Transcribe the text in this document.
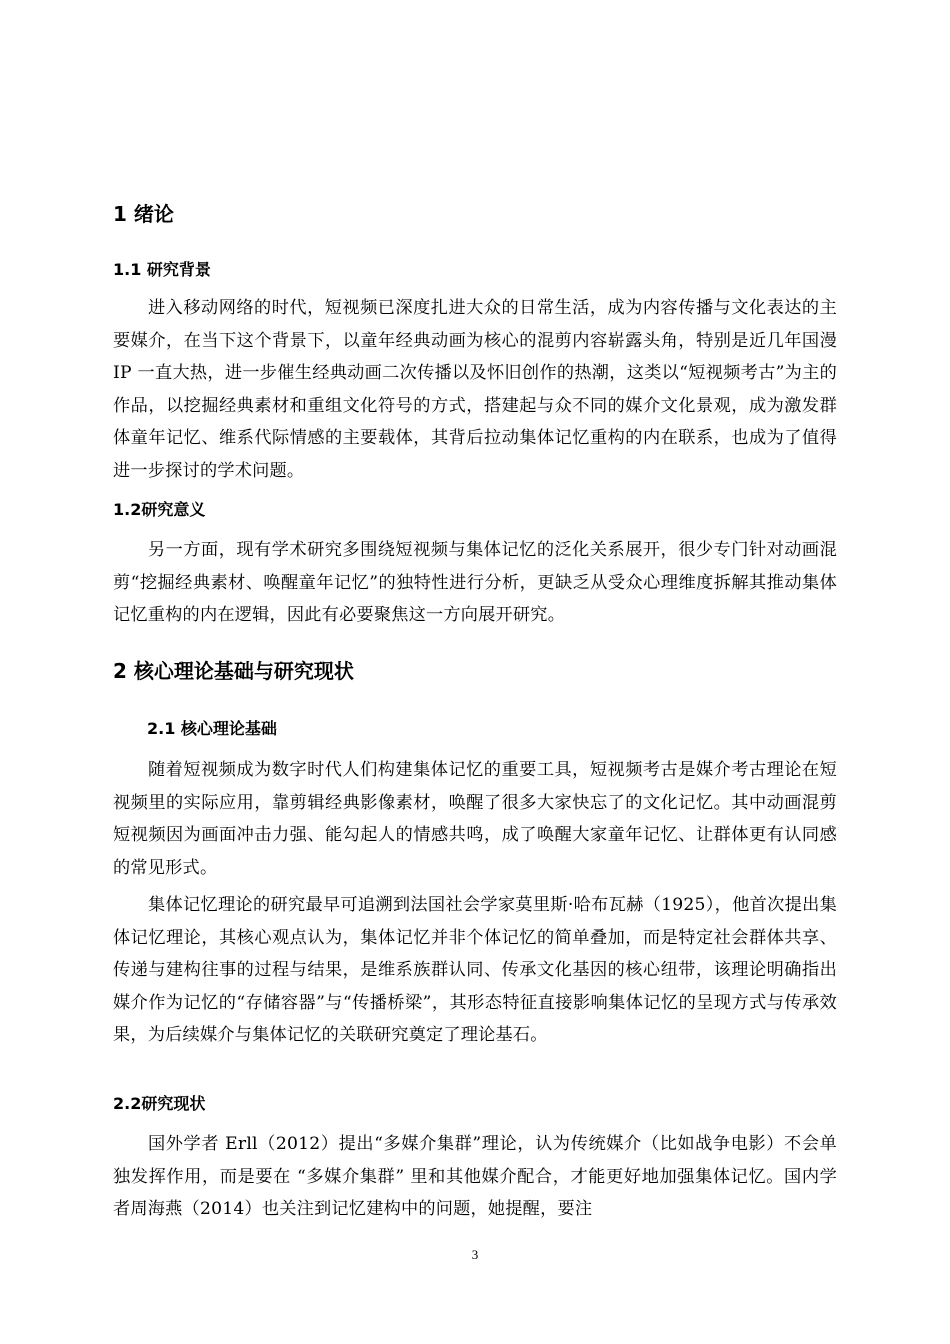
1 绪论
1.1 研究背景

进入移动网络的时代，短视频已深度扎进大众的日常生活，成为内容传播与文化表达的主要媒介，在当下这个背景下，以童年经典动画为核心的混剪内容崭露头角，特别是近几年国漫 IP 一直大热，进一步催生经典动画二次传播以及怀旧创作的热潮，这类以“短视频考古”为主的作品，以挖掘经典素材和重组文化符号的方式，搭建起与众不同的媒介文化景观，成为激发群体童年记忆、维系代际情感的主要载体，其背后拉动集体记忆重构的内在联系，也成为了值得进一步探讨的学术问题。

1.2研究意义

另一方面，现有学术研究多围绕短视频与集体记忆的泛化关系展开，很少专门针对动画混剪“挖掘经典素材、唤醒童年记忆”的独特性进行分析，更缺乏从受众心理维度拆解其推动集体记忆重构的内在逻辑，因此有必要聚焦这一方向展开研究。

2 核心理论基础与研究现状
2.1 核心理论基础

随着短视频成为数字时代人们构建集体记忆的重要工具，短视频考古是媒介考古理论在短视频里的实际应用，靠剪辑经典影像素材，唤醒了很多大家快忘了的文化记忆。其中动画混剪短视频因为画面冲击力强、能勾起人的情感共鸣，成了唤醒大家童年记忆、让群体更有认同感的常见形式。

集体记忆理论的研究最早可追溯到法国社会学家莫里斯·哈布瓦赫（1925），他首次提出集体记忆理论，其核心观点认为，集体记忆并非个体记忆的简单叠加，而是特定社会群体共享、传递与建构往事的过程与结果，是维系族群认同、传承文化基因的核心纽带，该理论明确指出媒介作为记忆的“存储容器”与“传播桥梁”，其形态特征直接影响集体记忆的呈现方式与传承效果，为后续媒介与集体记忆的关联研究奠定了理论基石。

2.2研究现状

国外学者 Erll（2012）提出“多媒介集群”理论，认为传统媒介（比如战争电影）不会单独发挥作用，而是要在 “多媒介集群” 里和其他媒介配合，才能更好地加强集体记忆。国内学者周海燕（2014）也关注到记忆建构中的问题，她提醒，要注

3
